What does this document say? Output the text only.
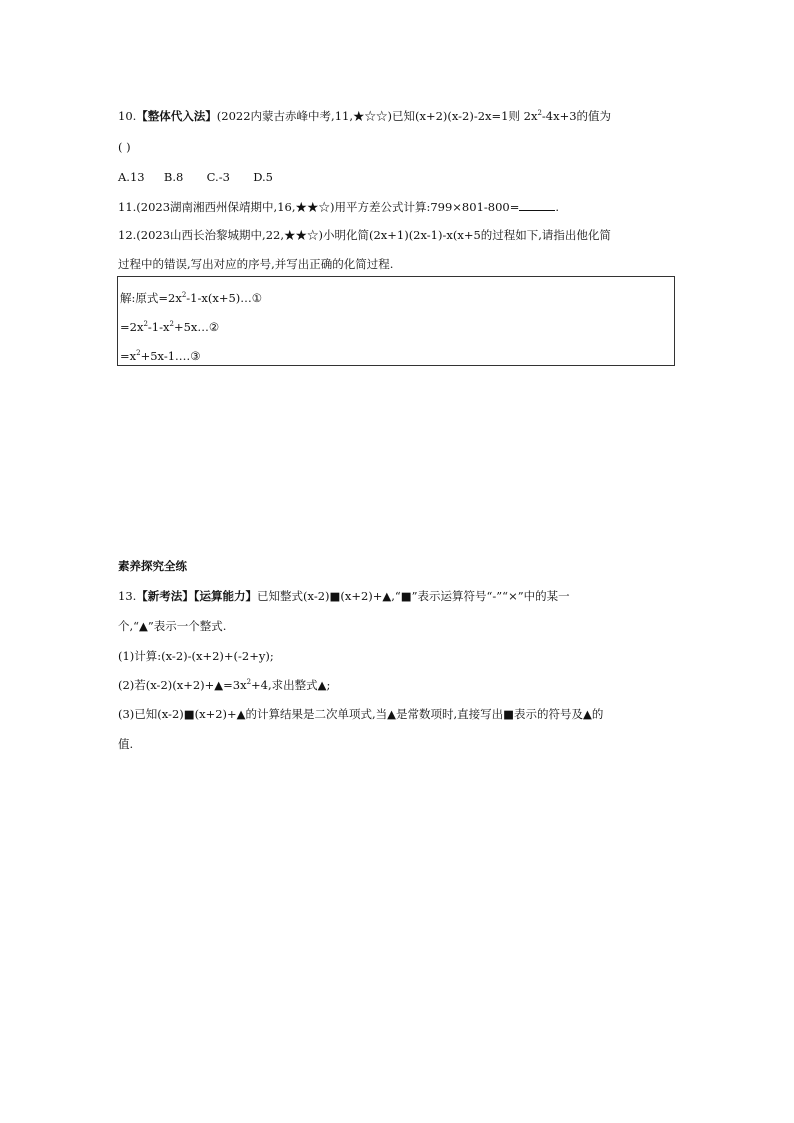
10.【整体代入法】(2022内蒙古赤峰中考,11,★☆☆)已知(x+2)(x-2)-2x=1则 $2x^2-4x+3$的值为
( )
A.13 B.8 C.-3 D.5
11.(2023湖南湘西州保靖期中,16,★★☆)用平方差公式计算:799×801-800=	.
12.(2023山西长治黎城期中,22,★★☆)小明化简(2x+1)(2x-1)-x(x+5的过程如下,请指出他化简
过程中的错误,写出对应的序号,并写出正确的化简过程.
解:原式$=2x^2-1-x(x+5)\dots ①$
$=2x^2-1-x^2+5x\dots ②$
$=x^2+5x-1.\dots ③$
素养探究全练
13.【新考法】【运算能力】已知整式(x-2)■(x+2)+▲,“■”表示运算符号“-”“×”中的某一
个,“▲”表示一个整式.
(1)计算:(x-2)-(x+2)+(-2+y);
(2)若$(x-2)(x+2)+▲=3x^2+4$,求出整式▲;
(3)已知(x-2)■(x+2)+▲的计算结果是二次单项式,当▲是常数项时,直接写出■表示的符号及▲的
值.
